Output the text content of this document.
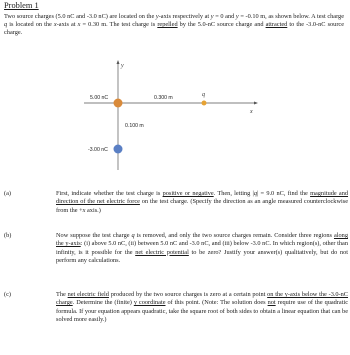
Problem 1
Two source charges (5.0 nC and -3.0 nC) are located on the y-axis respectively at y = 0 and y = -0.10 m, as shown below. A test charge q is located on the x-axis at x = 0.30 m. The test charge is repelled by the 5.0-nC source charge and attracted to the -3.0-nC source charge.
y
x
5.00 nC	0.300 m	q
0.100 m
-3.00 nC
(a)	First, indicate whether the test charge is positive or negative. Then, letting |q| = 9.0 nC, find the magnitude and direction of the net electric force on the test charge. (Specify the direction as an angle measured counterclockwise from the +x axis.)
(b)	Now suppose the test charge q is removed, and only the two source charges remain. Consider three regions along the y-axis: (i) above 5.0 nC, (ii) between 5.0 nC and -3.0 nC, and (iii) below -3.0 nC. In which region(s), other than infinity, is it possible for the net electric potential to be zero? Justify your answer(s) qualitatively, but do not perform any calculations.
(c)	The net electric field produced by the two source charges is zero at a certain point on the y-axis below the -3.0-nC charge. Determine the (finite) y coordinate of this point. (Note: The solution does not require use of the quadratic formula. If your equation appears quadratic, take the square root of both sides to obtain a linear equation that can be solved more easily.)
